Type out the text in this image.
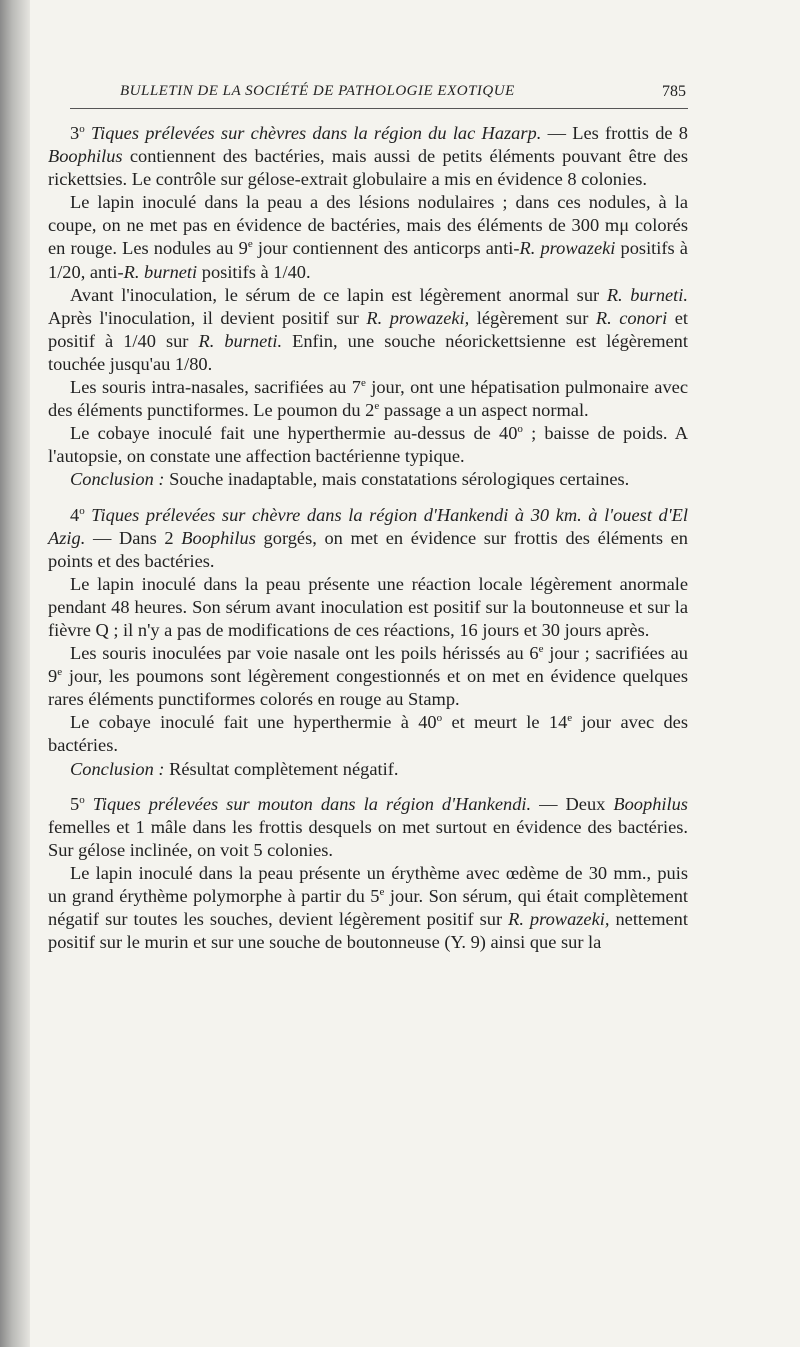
BULLETIN DE LA SOCIÉTÉ DE PATHOLOGIE EXOTIQUE	785

3$^o$ Tiques prélevées sur chèvres dans la région du lac Hazarp. — Les frottis de 8 Boophilus contiennent des bactéries, mais aussi de petits éléments pouvant être des rickettsies. Le contrôle sur gélose-extrait globulaire a mis en évidence 8 colonies.

Le lapin inoculé dans la peau a des lésions nodulaires ; dans ces nodules, à la coupe, on ne met pas en évidence de bactéries, mais des éléments de 300 mμ colorés en rouge. Les nodules au 9e jour contiennent des anticorps anti-R. prowazeki positifs à 1/20, anti-R. burneti positifs à 1/40.

Avant l'inoculation, le sérum de ce lapin est légèrement anormal sur R. burneti. Après l'inoculation, il devient positif sur R. prowazeki, légèrement sur R. conori et positif à 1/40 sur R. burneti. Enfin, une souche néorickettsienne est légèrement touchée jusqu'au 1/80.

Les souris intra-nasales, sacrifiées au 7e jour, ont une hépatisation pulmonaire avec des éléments punctiformes. Le poumon du 2e passage a un aspect normal.

Le cobaye inoculé fait une hyperthermie au-dessus de 40$^o$ ; baisse de poids. A l'autopsie, on constate une affection bactérienne typique.

Conclusion : Souche inadaptable, mais constatations sérologiques certaines.

4$^o$ Tiques prélevées sur chèvre dans la région d'Hankendi à 30 km. à l'ouest d'El Azig. — Dans 2 Boophilus gorgés, on met en évidence sur frottis des éléments en points et des bactéries.

Le lapin inoculé dans la peau présente une réaction locale légèrement anormale pendant 48 heures. Son sérum avant inoculation est positif sur la boutonneuse et sur la fièvre Q ; il n'y a pas de modifications de ces réactions, 16 jours et 30 jours après.

Les souris inoculées par voie nasale ont les poils hérissés au 6e jour ; sacrifiées au 9e jour, les poumons sont légèrement congestionnés et on met en évidence quelques rares éléments punctiformes colorés en rouge au Stamp.

Le cobaye inoculé fait une hyperthermie à 40$^o$ et meurt le 14e jour avec des bactéries.

Conclusion : Résultat complètement négatif.

5$^o$ Tiques prélevées sur mouton dans la région d'Hankendi. — Deux Boophilus femelles et 1 mâle dans les frottis desquels on met surtout en évidence des bactéries. Sur gélose inclinée, on voit 5 colonies.

Le lapin inoculé dans la peau présente un érythème avec œdème de 30 mm., puis un grand érythème polymorphe à partir du 5e jour. Son sérum, qui était complètement négatif sur toutes les souches, devient légèrement positif sur R. prowazeki, nettement positif sur le murin et sur une souche de boutonneuse (Y. 9) ainsi que sur la
